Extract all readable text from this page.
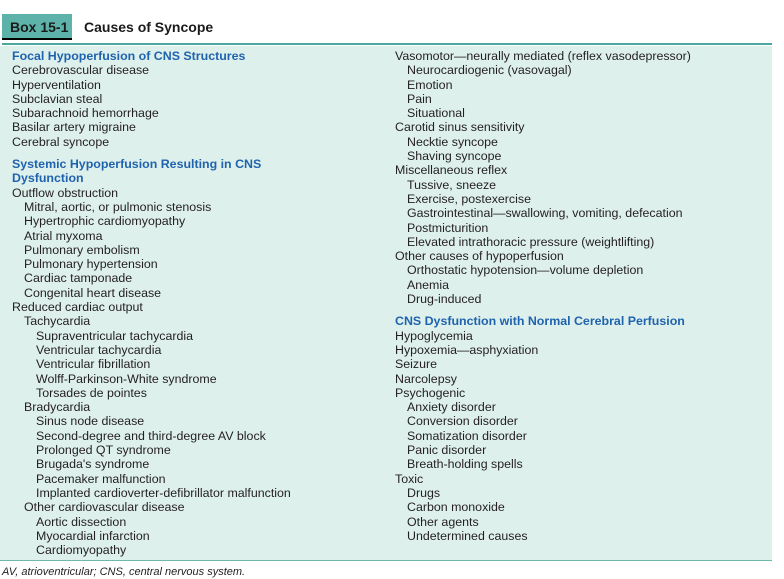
Box 15-1 Causes of Syncope
Focal Hypoperfusion of CNS Structures
Cerebrovascular disease
Hyperventilation
Subclavian steal
Subarachnoid hemorrhage
Basilar artery migraine
Cerebral syncope
Systemic Hypoperfusion Resulting in CNS
Dysfunction
Outflow obstruction
Mitral, aortic, or pulmonic stenosis
Hypertrophic cardiomyopathy
Atrial myxoma
Pulmonary embolism
Pulmonary hypertension
Cardiac tamponade
Congenital heart disease
Reduced cardiac output
Tachycardia
Supraventricular tachycardia
Ventricular tachycardia
Ventricular fibrillation
Wolff-Parkinson-White syndrome
Torsades de pointes
Bradycardia
Sinus node disease
Second-degree and third-degree AV block
Prolonged QT syndrome
Brugada's syndrome
Pacemaker malfunction
Implanted cardioverter-defibrillator malfunction
Other cardiovascular disease
Aortic dissection
Myocardial infarction
Cardiomyopathy
Vasomotor—neurally mediated (reflex vasodepressor)
Neurocardiogenic (vasovagal)
Emotion
Pain
Situational
Carotid sinus sensitivity
Necktie syncope
Shaving syncope
Miscellaneous reflex
Tussive, sneeze
Exercise, postexercise
Gastrointestinal—swallowing, vomiting, defecation
Postmicturition
Elevated intrathoracic pressure (weightlifting)
Other causes of hypoperfusion
Orthostatic hypotension—volume depletion
Anemia
Drug-induced
CNS Dysfunction with Normal Cerebral Perfusion
Hypoglycemia
Hypoxemia—asphyxiation
Seizure
Narcolepsy
Psychogenic
Anxiety disorder
Conversion disorder
Somatization disorder
Panic disorder
Breath-holding spells
Toxic
Drugs
Carbon monoxide
Other agents
Undetermined causes
AV, atrioventricular; CNS, central nervous system.
